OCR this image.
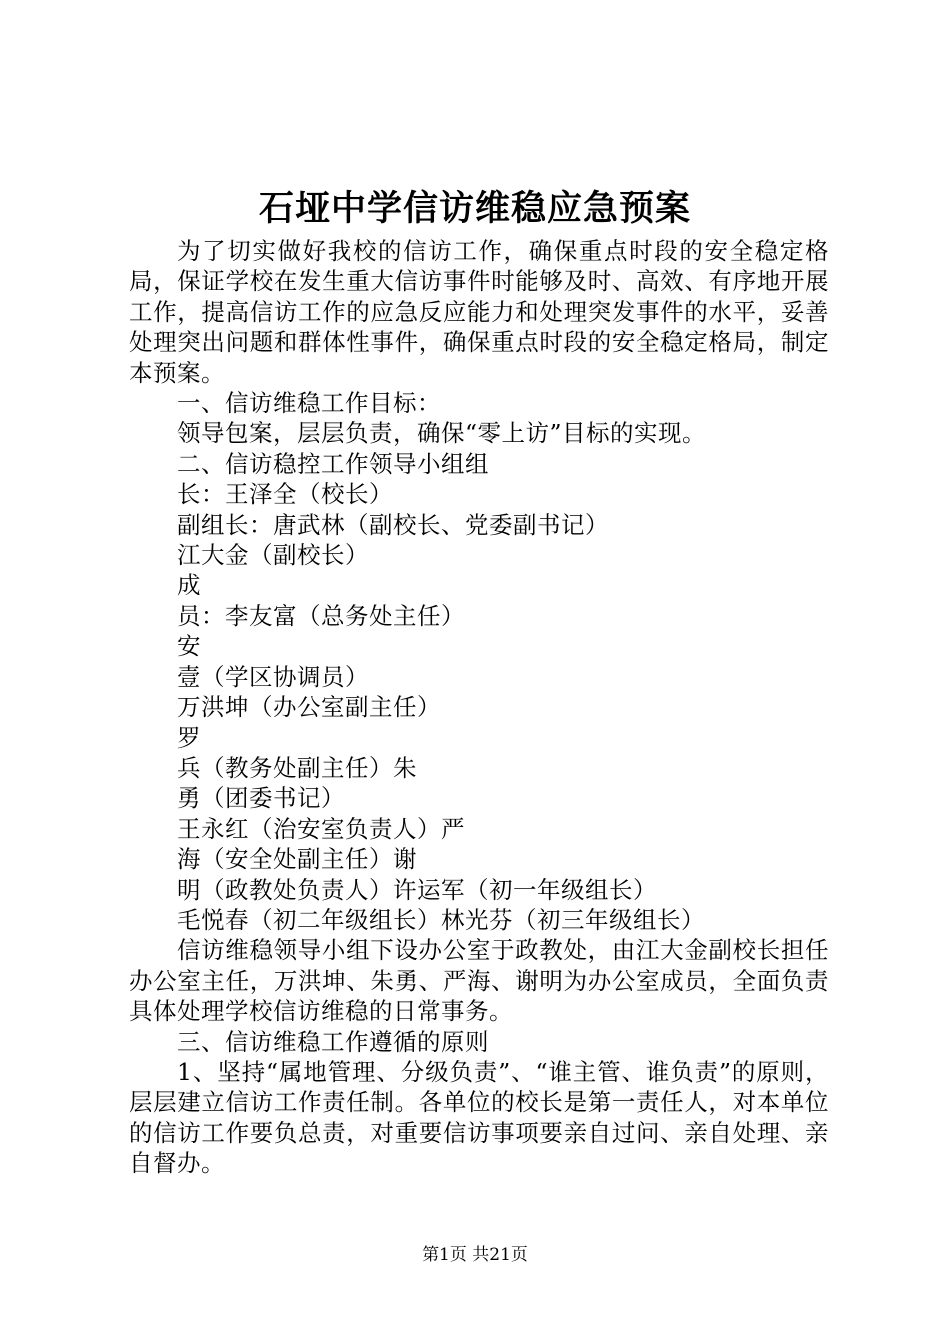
石垭中学信访维稳应急预案

为了切实做好我校的信访工作，确保重点时段的安全稳定格局，保证学校在发生重大信访事件时能够及时、高效、有序地开展工作，提高信访工作的应急反应能力和处理突发事件的水平，妥善处理突出问题和群体性事件，确保重点时段的安全稳定格局，制定本预案。

一、信访维稳工作目标：

领导包案，层层负责，确保“零上访”目标的实现。

二、信访稳控工作领导小组组

长：王泽全（校长）

副组长：唐武林（副校长、党委副书记）

江大金（副校长）

成

员：李友富（总务处主任）

安

壹（学区协调员）

万洪坤（办公室副主任）

罗

兵（教务处副主任）朱

勇（团委书记）

王永红（治安室负责人）严

海（安全处副主任）谢

明（政教处负责人）许运军（初一年级组长）

毛悦春（初二年级组长）林光芬（初三年级组长）

信访维稳领导小组下设办公室于政教处，由江大金副校长担任办公室主任，万洪坤、朱勇、严海、谢明为办公室成员，全面负责具体处理学校信访维稳的日常事务。

三、信访维稳工作遵循的原则

1、坚持“属地管理、分级负责”、“谁主管、谁负责”的原则，层层建立信访工作责任制。各单位的校长是第一责任人，对本单位的信访工作要负总责，对重要信访事项要亲自过问、亲自处理、亲自督办。

第1页 共21页
